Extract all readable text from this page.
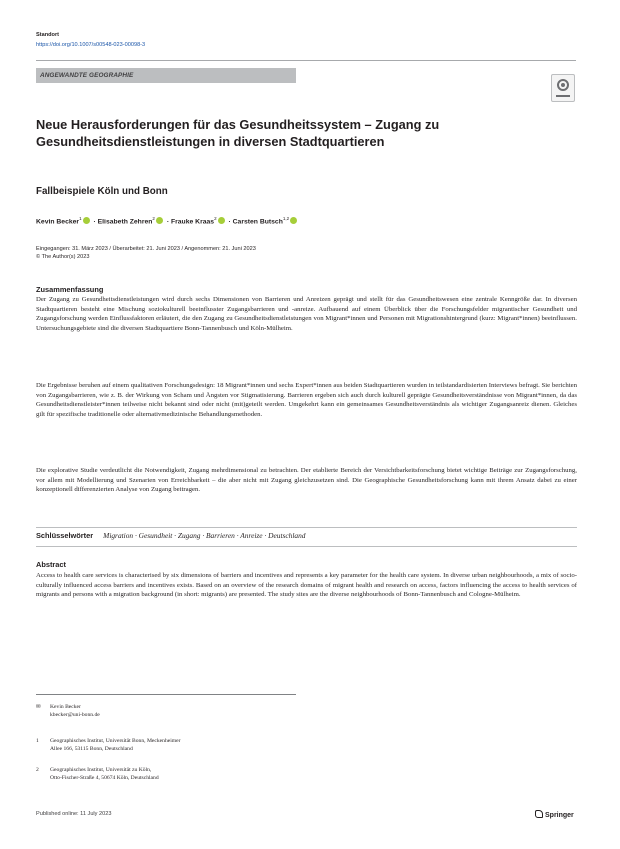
Standort
https://doi.org/10.1007/s00548-023-00098-3
ANGEWANDTE GEOGRAPHIE
Neue Herausforderungen für das Gesundheitssystem – Zugang zu Gesundheitsdienstleistungen in diversen Stadtquartieren
Fallbeispiele Köln und Bonn
Kevin Becker$^1$ · Elisabeth Zehren$^2$ · Frauke Kraas$^2$ · Carsten Butsch$^{1,2}$
Eingegangen: 31. März 2023 / Überarbeitet: 21. Juni 2023 / Angenommen: 21. Juni 2023
© The Author(s) 2023
Zusammenfassung

Der Zugang zu Gesundheitsdienstleistungen wird durch sechs Dimensionen von Barrieren und Anreizen geprägt und stellt für das Gesundheitswesen eine zentrale Kenngröße dar. In diversen Stadtquartieren besteht eine Mischung soziokulturell beeinflusster Zugangsbarrieren und -anreize. Aufbauend auf einem Überblick über die Forschungsfelder migrantischer Gesundheit und Zugangsforschung werden Einflussfaktoren erläutert, die den Zugang zu Gesundheitsdienstleistungen von Migrant*innen und Personen mit Migrationshintergrund (kurz: Migrant*innen) beeinflussen. Untersuchungsgebiete sind die diversen Stadtquartiere Bonn-Tannenbusch und Köln-Mülheim.

Die Ergebnisse beruhen auf einem qualitativen Forschungsdesign: 18 Migrant*innen und sechs Expert*innen aus beiden Stadtquartieren wurden in teilstandardisierten Interviews befragt. Sie berichten von Zugangsbarrieren, wie z. B. der Wirkung von Scham und Ängsten vor Stigmatisierung. Barrieren ergeben sich auch durch kulturell geprägte Gesundheitsverständnisse von Migrant*innen, da das Gesundheitsdienstleister*innen teilweise nicht bekannt sind oder nicht (mit)geteilt werden. Umgekehrt kann ein gemeinsames Gesundheitsverständnis als wichtiger Zugangsanreiz dienen. Gleiches gilt für spezifische traditionelle oder alternativmedizinische Behandlungsmethoden.

Die explorative Studie verdeutlicht die Notwendigkeit, Zugang mehrdimensional zu betrachten. Der etablierte Bereich der Versichtbarkeitsforschung bietet wichtige Beiträge zur Zugangsforschung, vor allem mit Modellierung und Szenarien von Erreichbarkeit – die aber nicht mit Zugang gleichzusetzen sind. Die Geographische Gesundheitsforschung kann mit ihrem Ansatz dabei zu einer konzeptionell differenzierten Analyse von Zugang beitragen.

Schlüsselwörter Migration · Gesundheit · Zugang · Barrieren · Anreize · Deutschland
Abstract

Access to health care services is characterised by six dimensions of barriers and incentives and represents a key parameter for the health care system. In diverse urban neighbourhoods, a mix of socio-culturally influenced access barriers and incentives exists. Based on an overview of the research domains of migrant health and research on access, factors influencing the access to health services of migrants and persons with a migration background (in short: migrants) are presented. The study sites are the diverse neighbourhoods of Bonn-Tannenbusch and Cologne-Mülheim.

✉ Kevin Becker
kbecker@uni-bonn.de
1 Geographisches Institut, Universität Bonn, Meckenheimer
Allee 166, 53115 Bonn, Deutschland
2 Geographisches Institut, Universität zu Köln,
Otto-Fischer-Straße 4, 50674 Köln, Deutschland
Published online: 11 July 2023	Springer
